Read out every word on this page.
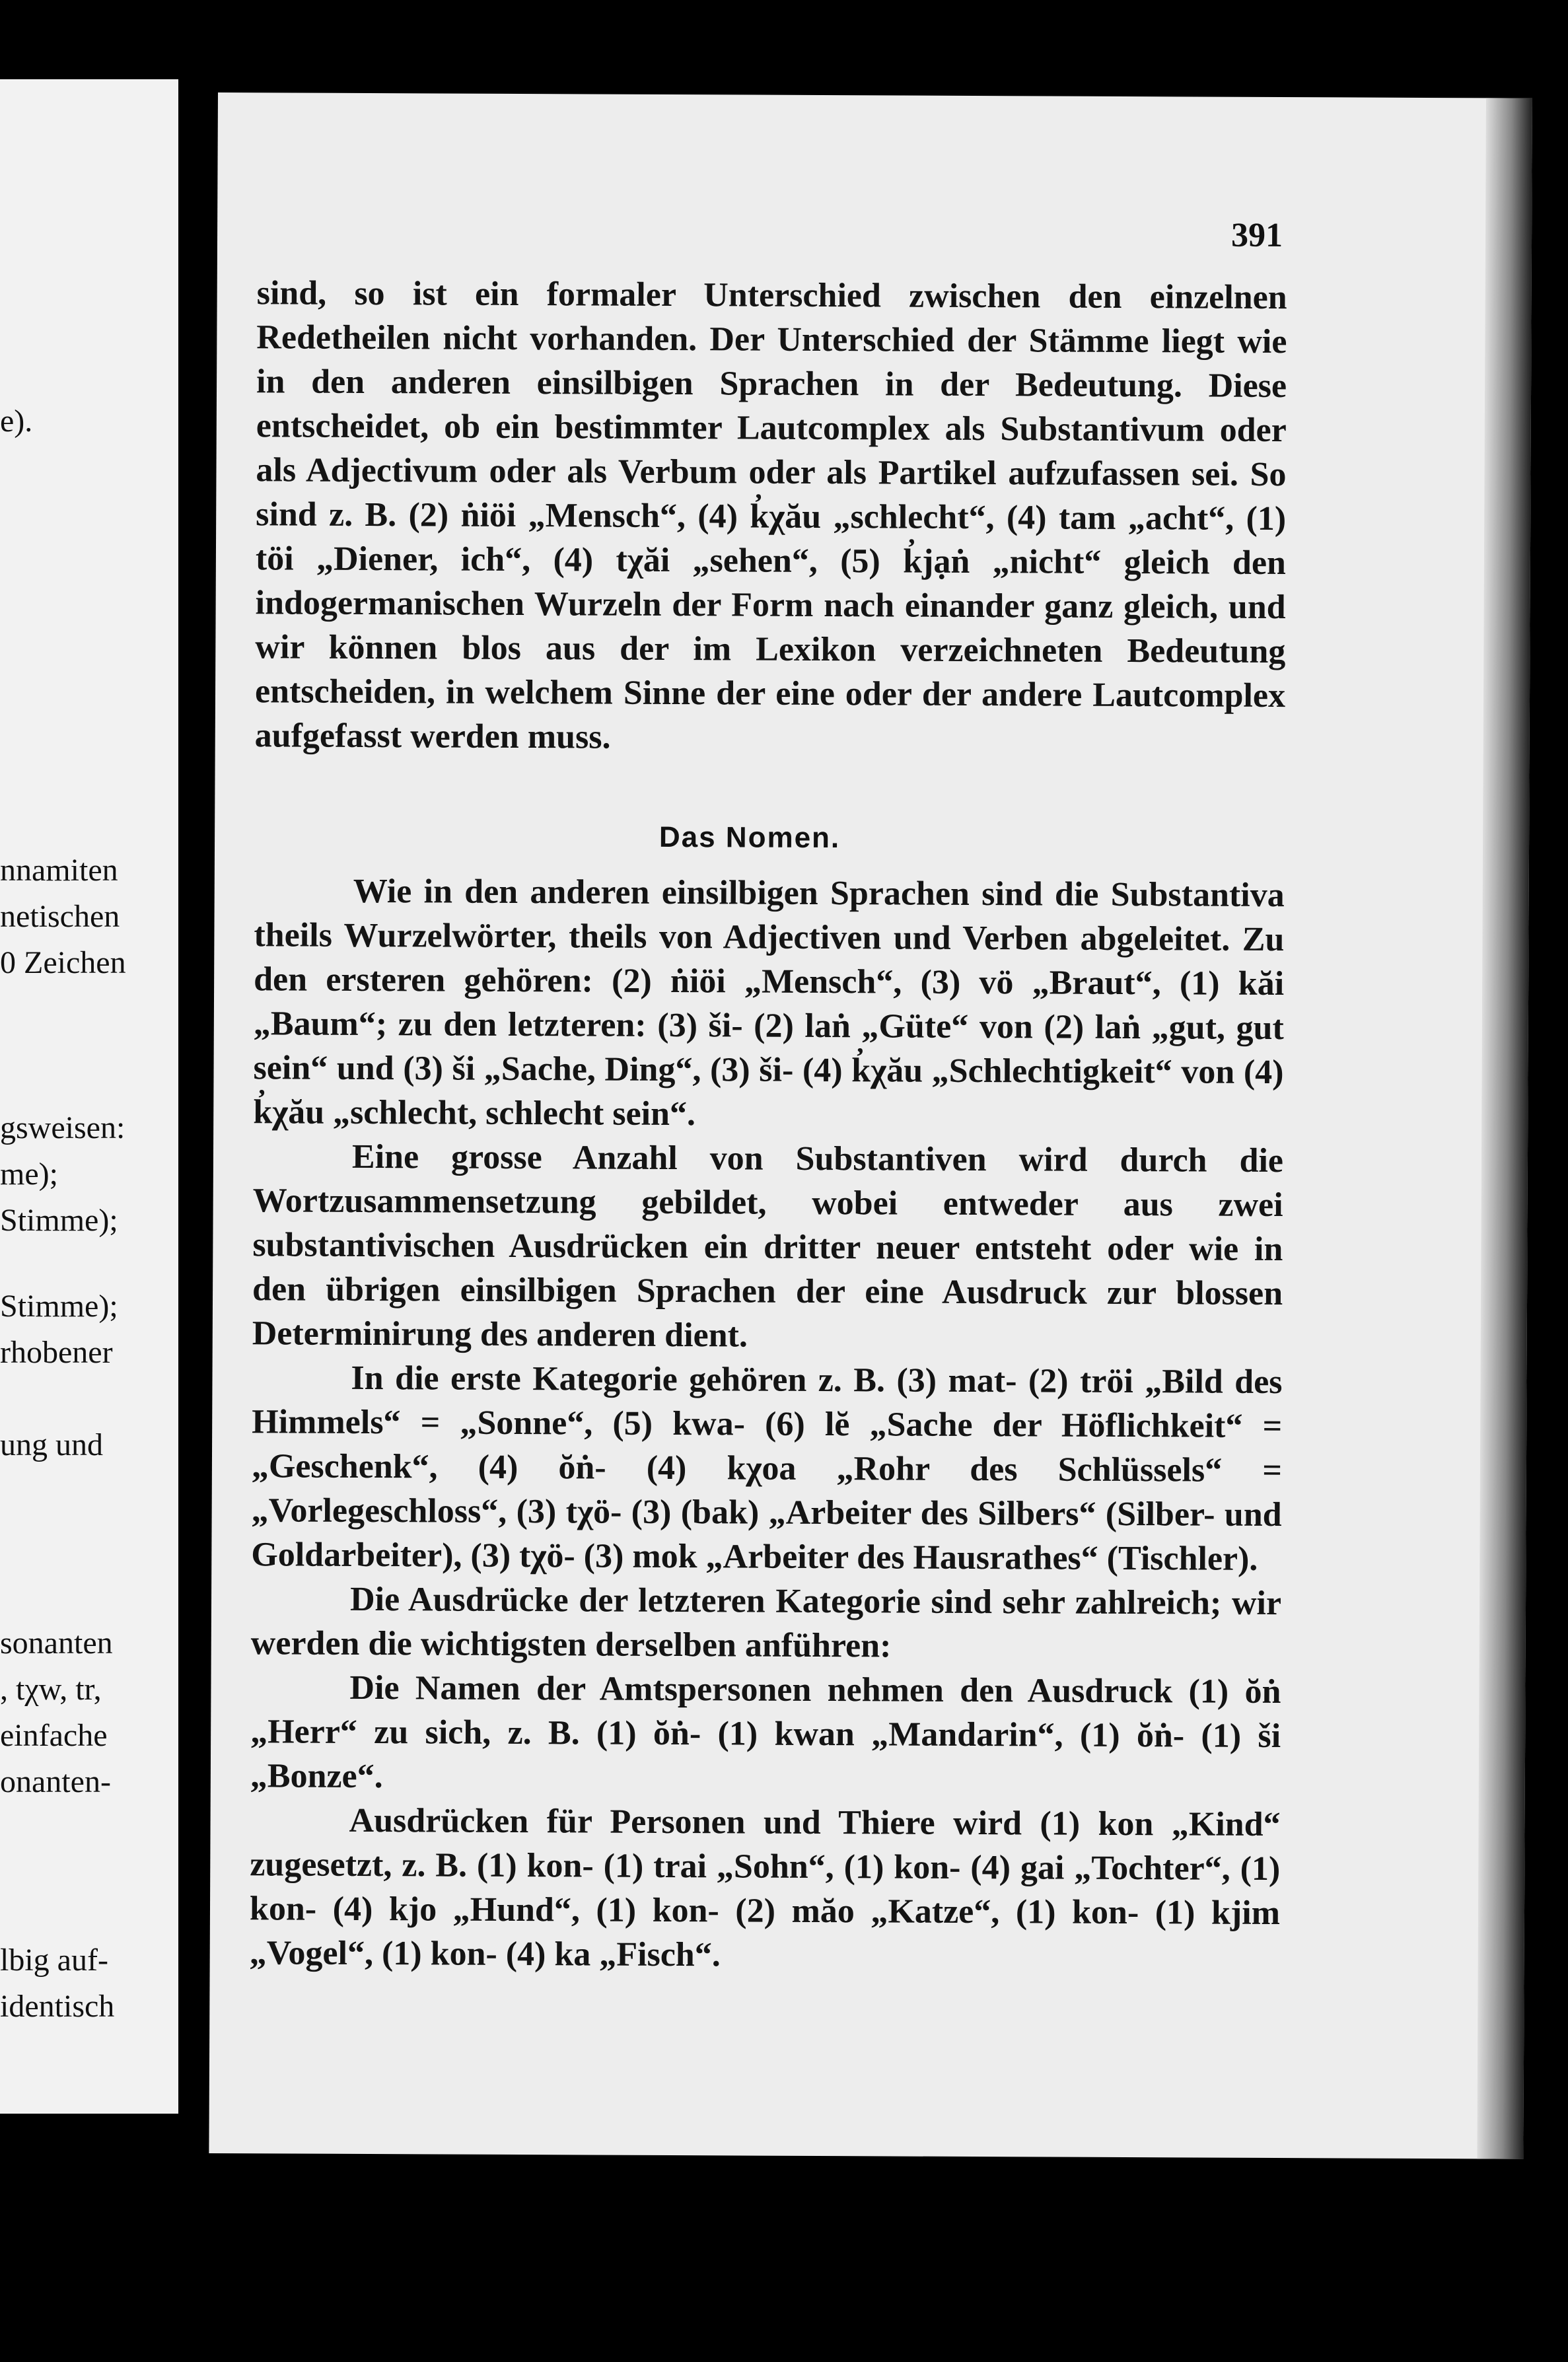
e).
nnamiten
netischen
0 Zeichen
gsweisen:
me);
Stimme);
Stimme);
rhobener
ung und
sonanten
, tχw, tr,
einfache
onanten-
lbig auf-
identisch
391

sind, so ist ein formaler Unterschied zwischen den einzelnen Redetheilen nicht vorhanden. Der Unterschied der Stämme liegt wie in den anderen einsilbigen Sprachen in der Bedeutung. Diese entscheidet, ob ein bestimmter Lautcomplex als Substantivum oder als Adjectivum oder als Verbum oder als Partikel aufzufassen sei. So sind z. B. (2) ṅiöi „Mensch“, (4) k̓χău „schlecht“, (4) tam „acht“, (1) töi „Diener, ich“, (4) tχăi „sehen“, (5) k̓jạṅ „nicht“ gleich den indogermanischen Wurzeln der Form nach einander ganz gleich, und wir können blos aus der im Lexikon verzeichneten Bedeutung entscheiden, in welchem Sinne der eine oder der andere Lautcomplex aufgefasst werden muss.

Das Nomen.

Wie in den anderen einsilbigen Sprachen sind die Substantiva theils Wurzelwörter, theils von Adjectiven und Verben abgeleitet. Zu den ersteren gehören: (2) ṅiöi „Mensch“, (3) vö „Braut“, (1) kăi „Baum“; zu den letzteren: (3) ši- (2) laṅ „Güte“ von (2) laṅ „gut, gut sein“ und (3) ši „Sache, Ding“, (3) ši- (4) k̓χău „Schlechtigkeit“ von (4) k̓χău „schlecht, schlecht sein“.

Eine grosse Anzahl von Substantiven wird durch die Wortzusammensetzung gebildet, wobei entweder aus zwei substantivischen Ausdrücken ein dritter neuer entsteht oder wie in den übrigen einsilbigen Sprachen der eine Ausdruck zur blossen Determinirung des anderen dient.

In die erste Kategorie gehören z. B. (3) mat- (2) tröi „Bild des Himmels“ = „Sonne“, (5) kwa- (6) lĕ „Sache der Höflichkeit“ = „Geschenk“, (4) ŏṅ- (4) kχoa „Rohr des Schlüssels“ = „Vorlegeschloss“, (3) tχö- (3) (bak) „Arbeiter des Silbers“ (Silber- und Goldarbeiter), (3) tχö- (3) mok „Arbeiter des Hausrathes“ (Tischler).

Die Ausdrücke der letzteren Kategorie sind sehr zahlreich; wir werden die wichtigsten derselben anführen:

Die Namen der Amtspersonen nehmen den Ausdruck (1) ŏṅ „Herr“ zu sich, z. B. (1) ŏṅ- (1) kwan „Mandarin“, (1) ŏṅ- (1) ši „Bonze“.

Ausdrücken für Personen und Thiere wird (1) kon „Kind“ zugesetzt, z. B. (1) kon- (1) trai „Sohn“, (1) kon- (4) gai „Tochter“, (1) kon- (4) kjo „Hund“, (1) kon- (2) măo „Katze“, (1) kon- (1) kjim „Vogel“, (1) kon- (4) ka „Fisch“.
